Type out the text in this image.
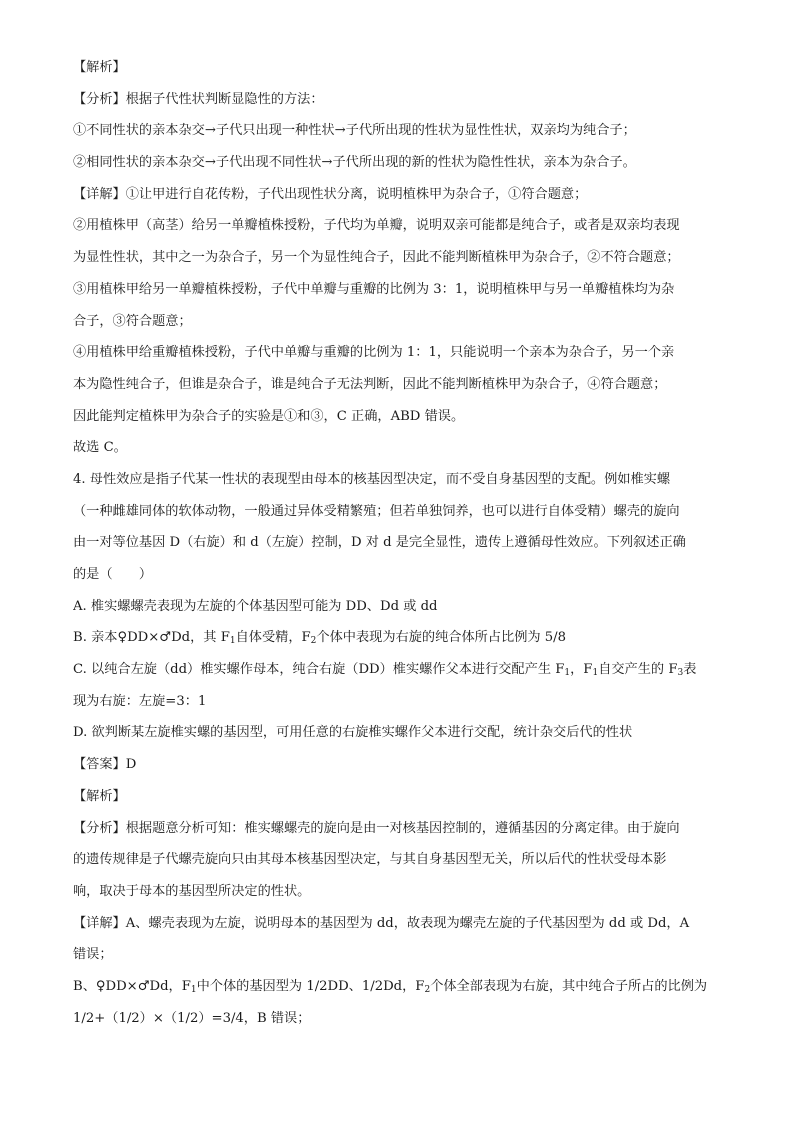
【解析】
【分析】根据子代性状判断显隐性的方法：
①不同性状的亲本杂交→子代只出现一种性状→子代所出现的性状为显性性状，双亲均为纯合子；
②相同性状的亲本杂交→子代出现不同性状→子代所出现的新的性状为隐性性状，亲本为杂合子。
【详解】①让甲进行自花传粉，子代出现性状分离，说明植株甲为杂合子，①符合题意；
②用植株甲（高茎）给另一单瓣植株授粉，子代均为单瓣，说明双亲可能都是纯合子，或者是双亲均表现
为显性性状，其中之一为杂合子，另一个为显性纯合子，因此不能判断植株甲为杂合子，②不符合题意；
③用植株甲给另一单瓣植株授粉，子代中单瓣与重瓣的比例为 3：1，说明植株甲与另一单瓣植株均为杂
合子，③符合题意；
④用植株甲给重瓣植株授粉，子代中单瓣与重瓣的比例为 1：1，只能说明一个亲本为杂合子，另一个亲
本为隐性纯合子，但谁是杂合子，谁是纯合子无法判断，因此不能判断植株甲为杂合子，④符合题意；
因此能判定植株甲为杂合子的实验是①和③，C 正确，ABD 错误。
故选 C。
4. 母性效应是指子代某一性状的表现型由母本的核基因型决定，而不受自身基因型的支配。例如椎实螺
（一种雌雄同体的软体动物，一般通过异体受精繁殖；但若单独饲养，也可以进行自体受精）螺壳的旋向
由一对等位基因 D（右旋）和 d（左旋）控制，D 对 d 是完全显性，遗传上遵循母性效应。下列叙述正确
的是（　　）
A. 椎实螺螺壳表现为左旋的个体基因型可能为 DD、Dd 或 dd
B. 亲本♀DD×♂Dd，其 $F_1$自体受精，$F_2$个体中表现为右旋的纯合体所占比例为 5/8
C. 以纯合左旋（dd）椎实螺作母本，纯合右旋（DD）椎实螺作父本进行交配产生 $F_1$，$F_1$自交产生的 $F_3$表
现为右旋：左旋=3：1
D. 欲判断某左旋椎实螺的基因型，可用任意的右旋椎实螺作父本进行交配，统计杂交后代的性状
【答案】D
【解析】
【分析】根据题意分析可知：椎实螺螺壳的旋向是由一对核基因控制的，遵循基因的分离定律。由于旋向
的遗传规律是子代螺壳旋向只由其母本核基因型决定，与其自身基因型无关，所以后代的性状受母本影
响，取决于母本的基因型所决定的性状。
【详解】A、螺壳表现为左旋，说明母本的基因型为 dd，故表现为螺壳左旋的子代基因型为 dd 或 Dd，A
错误；
B、♀DD×♂Dd，$F_1$中个体的基因型为 1/2DD、1/2Dd，$F_2$个体全部表现为右旋，其中纯合子所占的比例为
1/2+（1/2）×（1/2）=3/4，B 错误；
